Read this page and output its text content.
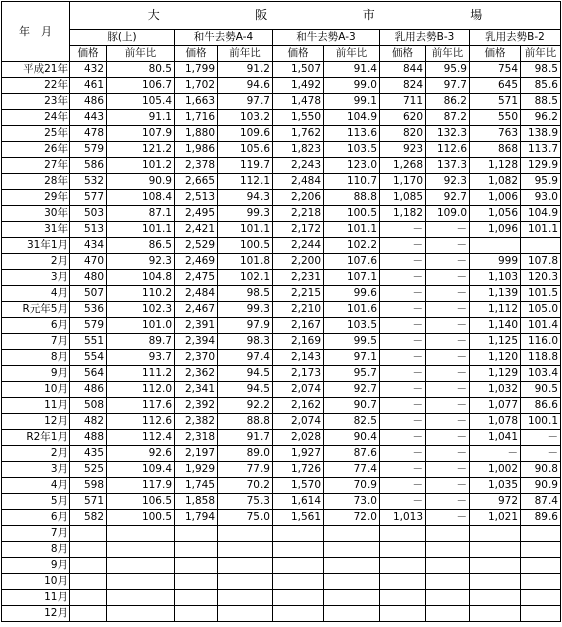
年　月	大 阪 市 場									

	豚(上)		和牛去勢A-4		和牛去勢A-3		乳用去勢B-3		乳用去勢B-2	
	価格	前年比	価格	前年比	価格	前年比	価格	前年比	価格	前年比
平成21年	432	80.5	1,799	91.2	1,507	91.4	844	95.9	754	98.5
22年	461	106.7	1,702	94.6	1,492	99.0	824	97.7	645	85.6
23年	486	105.4	1,663	97.7	1,478	99.1	711	86.2	571	88.5
24年	443	91.1	1,716	103.2	1,550	104.9	620	87.2	550	96.2
25年	478	107.9	1,880	109.6	1,762	113.6	820	132.3	763	138.9
26年	579	121.2	1,986	105.6	1,823	103.5	923	112.6	868	113.7
27年	586	101.2	2,378	119.7	2,243	123.0	1,268	137.3	1,128	129.9
28年	532	90.9	2,665	112.1	2,484	110.7	1,170	92.3	1,082	95.9
29年	577	108.4	2,513	94.3	2,206	88.8	1,085	92.7	1,006	93.0
30年	503	87.1	2,495	99.3	2,218	100.5	1,182	109.0	1,056	104.9
31年	513	101.1	2,421	101.1	2,172	101.1	－	－	1,096	101.1
31年1月	434	86.5	2,529	100.5	2,244	102.2	－	－		
2月	470	92.3	2,469	101.8	2,200	107.6	－	－	999	107.8
3月	480	104.8	2,475	102.1	2,231	107.1	－	－	1,103	120.3
4月	507	110.2	2,484	98.5	2,215	99.6	－	－	1,139	101.5
R元年5月	536	102.3	2,467	99.3	2,210	101.6	－	－	1,112	105.0
6月	579	101.0	2,391	97.9	2,167	103.5	－	－	1,140	101.4
7月	551	89.7	2,394	98.3	2,169	99.5	－	－	1,125	116.0
8月	554	93.7	2,370	97.4	2,143	97.1	－	－	1,120	118.8
9月	564	111.2	2,362	94.5	2,173	95.7	－	－	1,129	103.4
10月	486	112.0	2,341	94.5	2,074	92.7	－	－	1,032	90.5
11月	508	117.6	2,392	92.2	2,162	90.7	－	－	1,077	86.6
12月	482	112.6	2,382	88.8	2,074	82.5	－	－	1,078	100.1
R2年1月	488	112.4	2,318	91.7	2,028	90.4	－	－	1,041	－
2月	435	92.6	2,197	89.0	1,927	87.6	－	－	－	－
3月	525	109.4	1,929	77.9	1,726	77.4	－	－	1,002	90.8
4月	598	117.9	1,745	70.2	1,570	70.9	－	－	1,035	90.9
5月	571	106.5	1,858	75.3	1,614	73.0	－	－	972	87.4
6月	582	100.5	1,794	75.0	1,561	72.0	1,013	－	1,021	89.6
7月										
8月										
9月										
10月										
11月										
12月										
